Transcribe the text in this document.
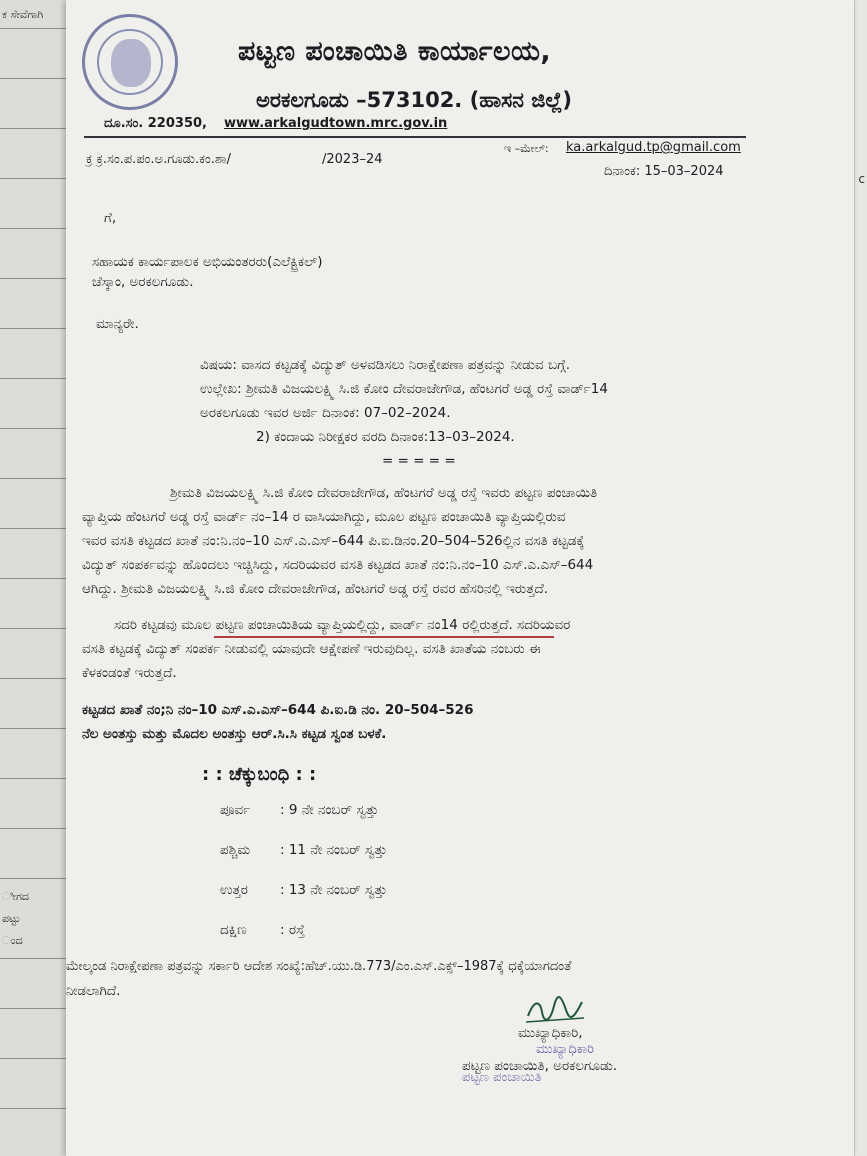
ಕ ಸೇವೆಗಾಗಿ
ೀಗದ
ಪಟ್ಟು
ಂದ
c
ಪಟ್ಟಣ ಪಂಚಾಯಿತಿ ಕಾರ್ಯಾಲಯ,
ಅರಕಲಗೂಡು –573102. (ಹಾಸನ ಜಿಲ್ಲೆ)
ದೂ.ಸಂ. 220350, www.arkalgudtown.mrc.gov.in
ಇ –ಮೇಲ್: ka.arkalgud.tp@gmail.com
ಕ್ರ ಕ್ರ.ಸಂ.ಪ.ಪಂ.ಅ.ಗೂಡು.ಕಂ.ಶಾ/	/2023–24
ದಿನಾಂಕ: 15–03–2024
ಗೆ,
ಸಹಾಯಕ ಕಾರ್ಯಪಾಲಕ ಅಭಿಯಂತರರು(ಎಲೆಕ್ಟ್ರಿಕಲ್)
ಚೆಸ್ಕಾಂ, ಅರಕಲಗೂಡು.
ಮಾನ್ಯರೇ.
ವಿಷಯ: ವಾಸದ ಕಟ್ಟಡಕ್ಕೆ ವಿದ್ಯುತ್ ಅಳವಡಿಸಲು ನಿರಾಕ್ಷೇಪಣಾ ಪತ್ರವನ್ನು ನೀಡುವ ಬಗ್ಗೆ.
ಉಲ್ಲೇಖ: ಶ್ರೀಮತಿ ವಿಜಯಲಕ್ಷ್ಮಿ ಸಿ.ಜಿ ಕೋಂ ದೇವರಾಜೇಗೌಡ, ಹೆಂಟಗರೆ ಅಡ್ಡ ರಸ್ತೆ ವಾರ್ಡ್14
ಅರಕಲಗೂಡು ಇವರ ಅರ್ಜಿ ದಿನಾಂಕ: 07–02–2024.
2) ಕಂದಾಯ ನಿರೀಕ್ಷಕರ ವರದಿ ದಿನಾಂಕ:13–03–2024.
= = = = =
ಶ್ರೀಮತಿ ವಿಜಯಲಕ್ಷ್ಮಿ ಸಿ.ಜಿ ಕೋಂ ದೇವರಾಜೇಗೌಡ, ಹೆಂಟಗರೆ ಅಡ್ಡ ರಸ್ತೆ ಇವರು ಪಟ್ಟಣ ಪಂಚಾಯಿತಿ
ವ್ಯಾಪ್ತಿಯ ಹೆಂಟಗರೆ ಅಡ್ಡ ರಸ್ತೆ ವಾರ್ಡ್ ನಂ–14 ರ ವಾಸಿಯಾಗಿದ್ದು, ಮೂಲ ಪಟ್ಟಣ ಪಂಚಾಯಿತಿ ವ್ಯಾಪ್ತಿಯಲ್ಲಿರುವ
ಇವರ ವಸತಿ ಕಟ್ಟಡದ ಖಾತೆ ನಂ:ನಿ.ನಂ–10 ಎಸ್.ಎ.ಎಸ್–644 ಪಿ.ಐ.ಡಿನಂ.20–504–526ಲ್ಲಿನ ವಸತಿ ಕಟ್ಟಡಕ್ಕೆ
ವಿದ್ಯುತ್ ಸಂಪರ್ಕವನ್ನು ಹೊಂದಲು ಇಚ್ಚಿಸಿದ್ದು, ಸದರಿಯವರ ವಸತಿ ಕಟ್ಟಡದ ಖಾತೆ ನಂ:ನಿ.ನಂ–10 ಎಸ್.ಎ.ಎಸ್–644
ಆಗಿದ್ದು. ಶ್ರೀಮತಿ ವಿಜಯಲಕ್ಷ್ಮಿ ಸಿ.ಜಿ ಕೋಂ ದೇವರಾಜೇಗೌಡ, ಹೆಂಟಗರೆ ಅಡ್ಡ ರಸ್ತೆ ರವರ ಹೆಸರಿನಲ್ಲಿ ಇರುತ್ತದೆ.
ಸದರಿ ಕಟ್ಟಡವು ಮೂಲ ಪಟ್ಟಣ ಪಂಚಾಯಿತಿಯ ವ್ಯಾಪ್ತಿಯಲ್ಲಿದ್ದು, ವಾರ್ಡ್ ನಂ14 ರಲ್ಲಿರುತ್ತದೆ. ಸದರಿಯವರ
ವಸತಿ ಕಟ್ಟಡಕ್ಕೆ ವಿದ್ಯುತ್ ಸಂಪರ್ಕ ನೀಡುವಲ್ಲಿ ಯಾವುದೇ ಆಕ್ಷೇಪಣೆ ಇರುವುದಿಲ್ಲ. ವಸತಿ ಖಾತೆಯ ನಂಬರು ಈ
ಕೆಳಕಂಡಂತೆ ಇರುತ್ತದೆ.
ಕಟ್ಟಡದ ಖಾತೆ ನಂ;ನಿ ನಂ–10 ಎಸ್.ಎ.ಎಸ್–644 ಪಿ.ಐ.ಡಿ ನಂ. 20–504–526
ನೆಲ ಅಂತಸ್ತು ಮತ್ತು ಮೊದಲ ಅಂತಸ್ತು ಆರ್.ಸಿ.ಸಿ ಕಟ್ಟಡ ಸ್ವಂತ ಬಳಕೆ.
: : ಚೆಕ್ಕುಬಂಧಿ : :
ಪೂರ್ವ : 9 ನೇ ನಂಬರ್ ಸ್ವತ್ತು
ಪಶ್ಚಿಮ : 11 ನೇ ನಂಬರ್ ಸ್ವತ್ತು
ಉತ್ತರ : 13 ನೇ ನಂಬರ್ ಸ್ವತ್ತು
ದಕ್ಷಿಣ : ರಸ್ತೆ
ಮೇಲ್ಕಂಡ ನಿರಾಕ್ಷೇಪಣಾ ಪತ್ರವನ್ನು ಸರ್ಕಾರಿ ಆದೇಶ ಸಂಖ್ಯೆ:ಹೆಚ್.ಯು.ಡಿ.773/ಎಂ.ಎಸ್.ಎಕ್ಸ್–1987ಕ್ಕೆ ಧಕ್ಕೆಯಾಗದಂತೆ
ನೀಡಲಾಗಿದೆ.
ಮುಖ್ಯಾಧಿಕಾರಿ,
ಮುಖ್ಯಾಧಿಕಾರಿ
ಪಟ್ಟಣ ಪಂಚಾಯಿತಿ, ಅರಕಲಗೂಡು.
ಪಟ್ಟಣ ಪಂಚಾಯಿತಿ
